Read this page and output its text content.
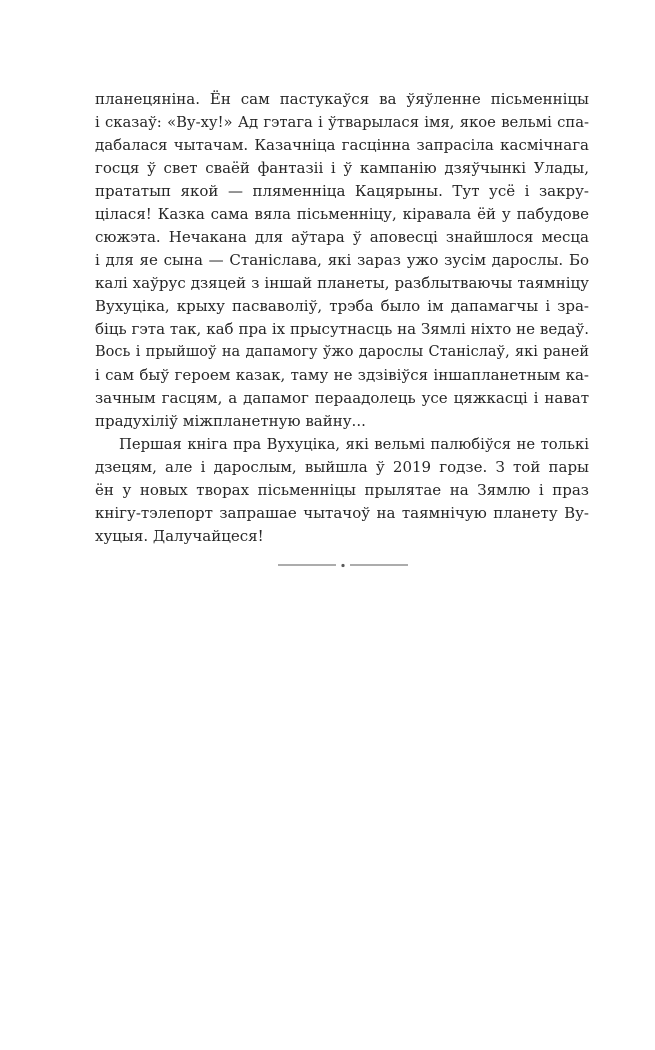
планецяніна. Ён сам пастукаўся ва ўяўленне пісьменніцы
і сказаў: «Ву-ху!» Ад гэтага і ўтварылася імя, якое вельмі спа-
дабалася чытачам. Казачніца гасцінна запрасіла касмічнага
госця ў свет сваёй фантазіі і ў кампанію дзяўчынкі Улады,
прататып якой — пляменніца Кацярыны. Тут усё і закру-
цілася! Казка сама вяла пісьменніцу, кіравала ёй у пабудове
сюжэта. Нечакана для аўтара ў аповесці знайшлося месца
і для яе сына — Станіслава, які зараз ужо зусім дарослы. Бо
калі хаўрус дзяцей з іншай планеты, разблытваючы таямніцу
Вухуціка, крыху пасваволіў, трэба было ім дапамагчы і зра-
біць гэта так, каб пра іх прысутнасць на Зямлі ніхто не ведаў.
Вось і прыйшоў на дапамогу ўжо дарослы Станіслаў, які раней
і сам быў героем казак, таму не здзівіўся іншапланетным ка-
зачным гасцям, а дапамог пераадолець усе цяжкасці і нават
прадухіліў міжпланетную вайну...
Першая кніга пра Вухуціка, які вельмі палюбіўся не толькі
дзецям, але і дарослым, выйшла ў 2019 годзе. З той пары
ён у новых творах пісьменніцы прылятае на Зямлю і праз
кнігу-тэлепорт запрашае чытачоў на таямнічую планету Ву-
хуцыя. Далучайцеся!
